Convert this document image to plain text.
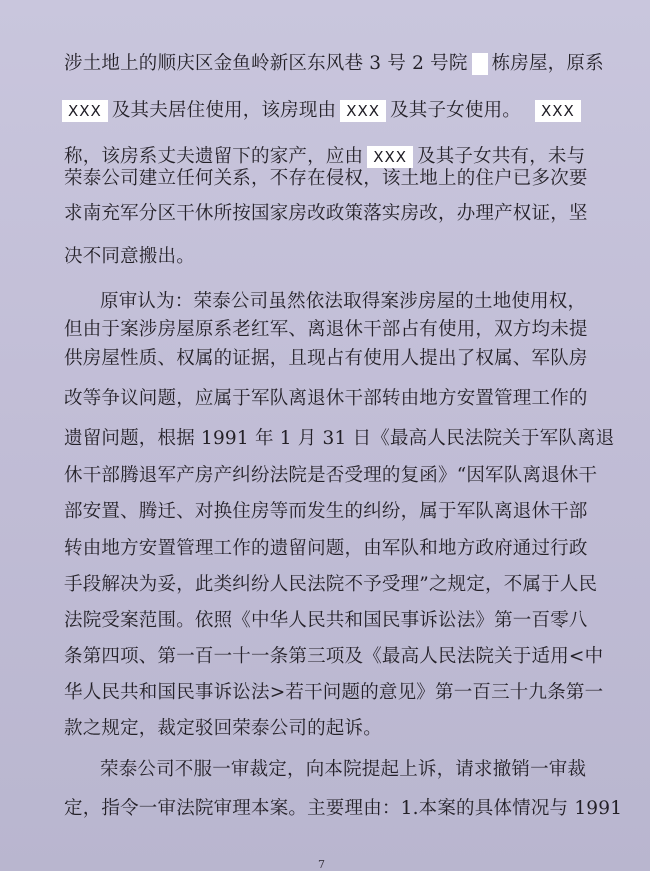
涉土地上的顺庆区金鱼岭新区东风巷 3 号 2 号院 栋房屋，原系
XXX 及其夫居住使用，该房现由 XXX 及其子女使用。 XXX
称，该房系丈夫遗留下的家产，应由 XXX 及其子女共有，未与
荣泰公司建立任何关系，不存在侵权，该土地上的住户已多次要
求南充军分区干休所按国家房改政策落实房改，办理产权证，坚
决不同意搬出。
原审认为：荣泰公司虽然依法取得案涉房屋的土地使用权，
但由于案涉房屋原系老红军、离退休干部占有使用，双方均未提
供房屋性质、权属的证据，且现占有使用人提出了权属、军队房
改等争议问题，应属于军队离退休干部转由地方安置管理工作的
遗留问题，根据 1991 年 1 月 31 日《最高人民法院关于军队离退
休干部腾退军产房产纠纷法院是否受理的复函》“因军队离退休干
部安置、腾迁、对换住房等而发生的纠纷，属于军队离退休干部
转由地方安置管理工作的遗留问题，由军队和地方政府通过行政
手段解决为妥，此类纠纷人民法院不予受理”之规定，不属于人民
法院受案范围。依照《中华人民共和国民事诉讼法》第一百零八
条第四项、第一百一十一条第三项及《最高人民法院关于适用<中
华人民共和国民事诉讼法>若干问题的意见》第一百三十九条第一
款之规定，裁定驳回荣泰公司的起诉。
荣泰公司不服一审裁定，向本院提起上诉，请求撤销一审裁
定，指令一审法院审理本案。主要理由：1.本案的具体情况与 1991
7
